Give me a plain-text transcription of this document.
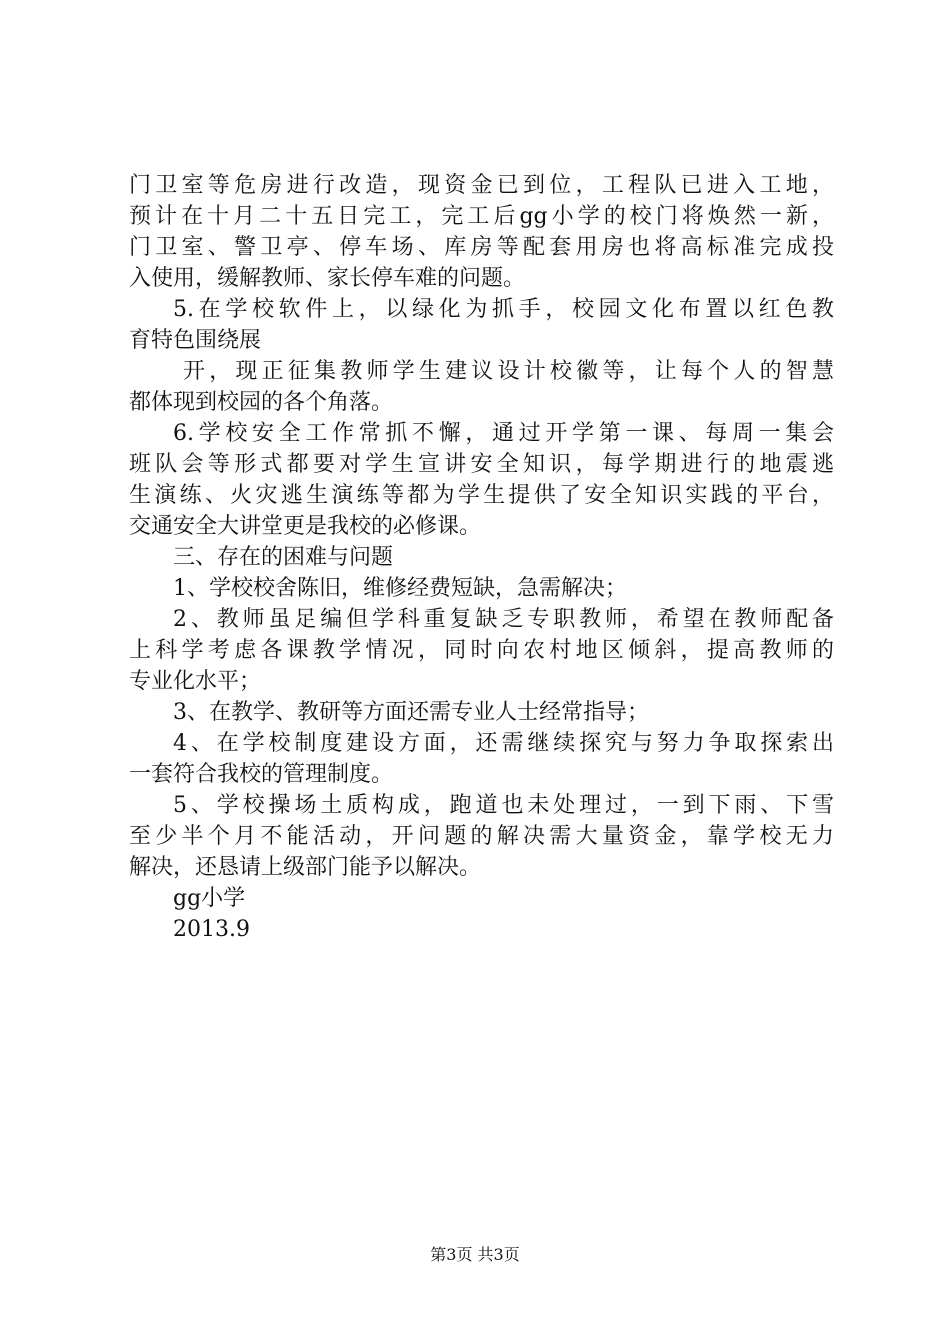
门卫室等危房进行改造，现资金已到位，工程队已进入工地，
预计在十月二十五日完工，完工后gg小学的校门将焕然一新，
门卫室、警卫亭、停车场、库房等配套用房也将高标准完成投
入使用，缓解教师、家长停车难的问题。
5.在学校软件上，以绿化为抓手，校园文化布置以红色教
育特色围绕展
开，现正征集教师学生建议设计校徽等，让每个人的智慧
都体现到校园的各个角落。
6.学校安全工作常抓不懈，通过开学第一课、每周一集会
班队会等形式都要对学生宣讲安全知识，每学期进行的地震逃
生演练、火灾逃生演练等都为学生提供了安全知识实践的平台，
交通安全大讲堂更是我校的必修课。
三、存在的困难与问题
1、学校校舍陈旧，维修经费短缺，急需解决；
2、教师虽足编但学科重复缺乏专职教师，希望在教师配备
上科学考虑各课教学情况，同时向农村地区倾斜，提高教师的
专业化水平；
3、在教学、教研等方面还需专业人士经常指导；
4、在学校制度建设方面，还需继续探究与努力争取探索出
一套符合我校的管理制度。
5、学校操场土质构成，跑道也未处理过，一到下雨、下雪
至少半个月不能活动，开问题的解决需大量资金，靠学校无力
解决，还恳请上级部门能予以解决。
gg小学
2013.9
第3页 共3页
